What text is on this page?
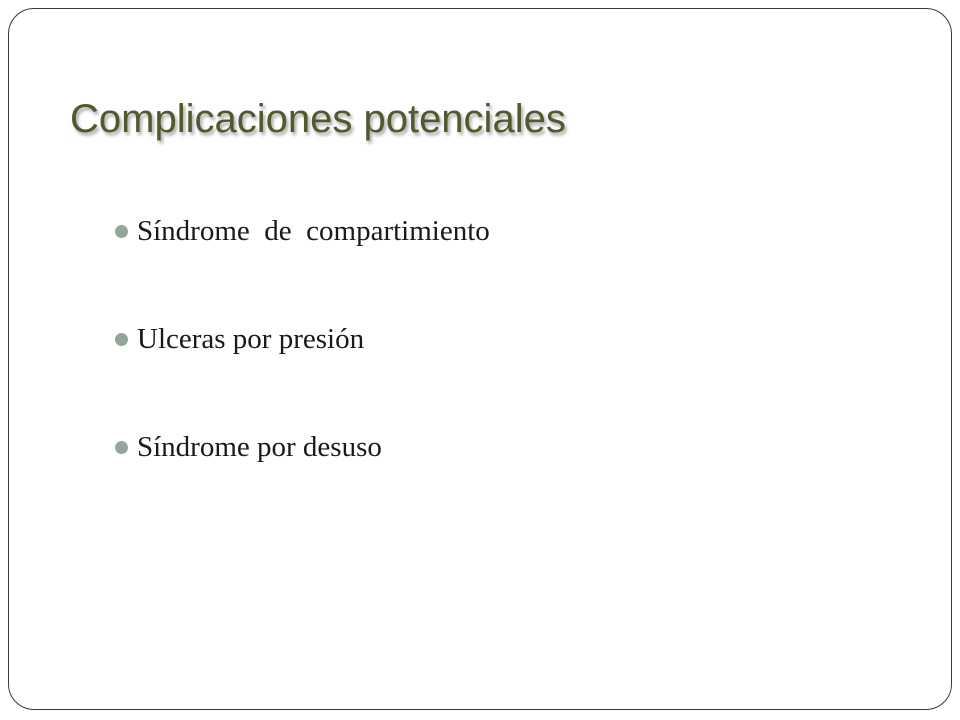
Complicaciones potenciales
Síndrome  de  compartimiento
Ulceras por presión
Síndrome por desuso
